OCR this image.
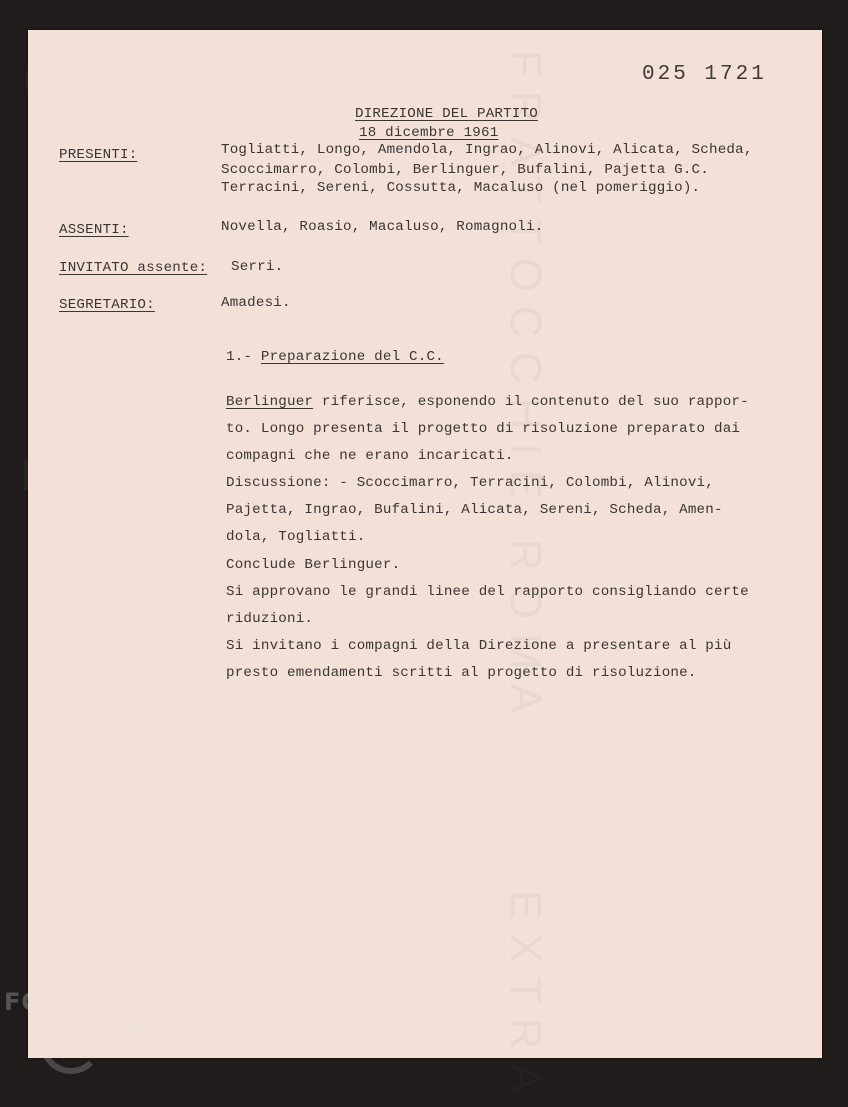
FRATTOCCHIE ROMA
EXTRA
025 1721
DIREZIONE DEL PARTITO
18 dicembre 1961
PRESENTI:	Togliatti, Longo, Amendola, Ingrao, Alinovi, Alicata, Scheda,
Scoccimarro, Colombi, Berlinguer, Bufalini, Pajetta G.C.
Terracini, Sereni, Cossutta, Macaluso (nel pomeriggio).
ASSENTI:	Novella, Roasio, Macaluso, Romagnoli.
INVITATO assente: Serri.
SEGRETARIO:	Amadesi.
1.- Preparazione del C.C.
Berlinguer riferisce, esponendo il contenuto del suo rappor-
to. Longo presenta il progetto di risoluzione preparato dai
compagni che ne erano incaricati.
Discussione: - Scoccimarro, Terracini, Colombi, Alinovi,
Pajetta, Ingrao, Bufalini, Alicata, Sereni, Scheda, Amen-
dola, Togliatti.
Conclude Berlinguer.
Si approvano le grandi linee del rapporto consigliando certe
riduzioni.
Si invitano i compagni della Direzione a presentare al più
presto emendamenti scritti al progetto di risoluzione.
FONDAZIONE
GRAMSCI
